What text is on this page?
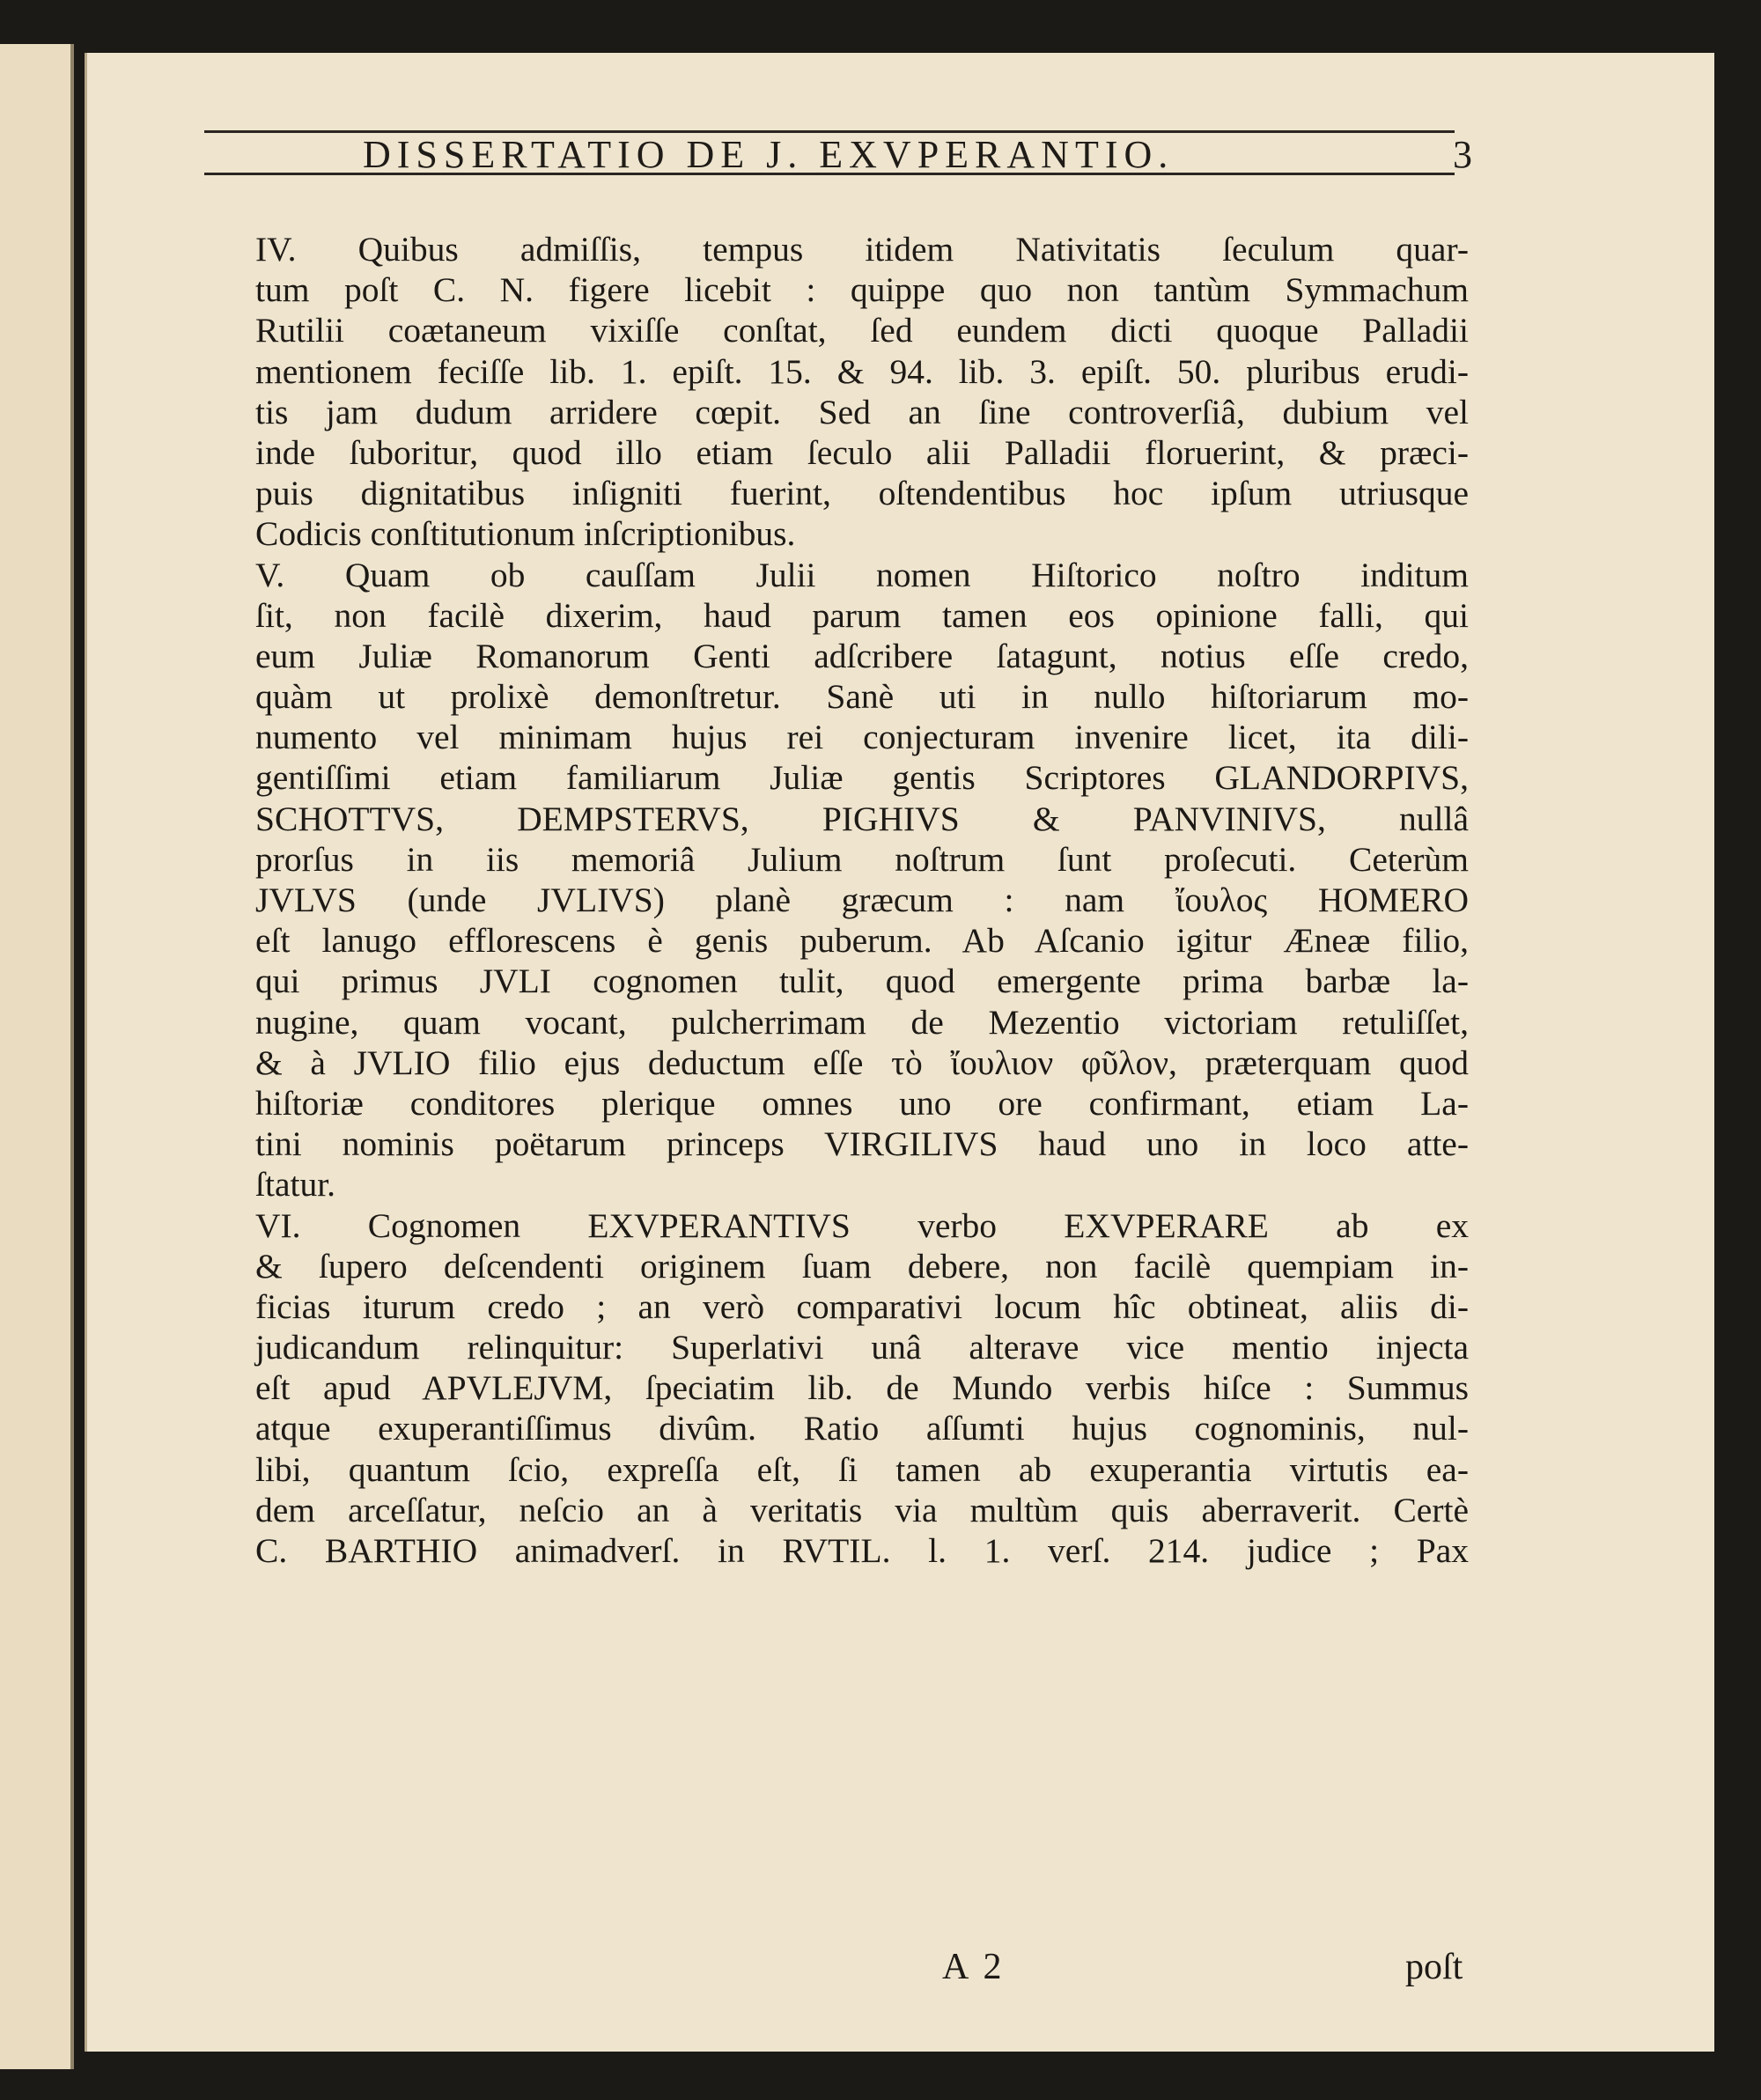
DISSERTATIO DE J. EXVPERANTIO.	3
IV. Quibus admiſſis, tempus itidem Nativitatis ſeculum quar-
tum poſt C. N. figere licebit : quippe quo non tantùm Symmachum
Rutilii coætaneum vixiſſe conſtat, ſed eundem dicti quoque Palladii
mentionem feciſſe lib. 1. epiſt. 15. & 94. lib. 3. epiſt. 50. pluribus erudi-
tis jam dudum arridere cœpit. Sed an ſine controverſiâ, dubium vel
inde ſuboritur, quod illo etiam ſeculo alii Palladii floruerint, & præci-
puis dignitatibus inſigniti fuerint, oſtendentibus hoc ipſum utriusque
Codicis conſtitutionum inſcriptionibus.
V. Quam ob cauſſam Julii nomen Hiſtorico noſtro inditum
ſit, non facilè dixerim, haud parum tamen eos opinione falli, qui
eum Juliæ Romanorum Genti adſcribere ſatagunt, notius eſſe credo,
quàm ut prolixè demonſtretur. Sanè uti in nullo hiſtoriarum mo-
numento vel minimam hujus rei conjecturam invenire licet, ita dili-
gentiſſimi etiam familiarum Juliæ gentis Scriptores GLANDORPIVS,
SCHOTTVS, DEMPSTERVS, PIGHIVS & PANVINIVS, nullâ
prorſus in iis memoriâ Julium noſtrum ſunt proſecuti. Ceterùm
JVLVS (unde JVLIVS) planè græcum : nam ἴουλος HOMERO
eſt lanugo efflorescens è genis puberum. Ab Aſcanio igitur Æneæ filio,
qui primus JVLI cognomen tulit, quod emergente prima barbæ la-
nugine, quam vocant, pulcherrimam de Mezentio victoriam retuliſſet,
& à JVLIO filio ejus deductum eſſe τὸ ἴουλιον φῦλον, præterquam quod
hiſtoriæ conditores plerique omnes uno ore confirmant, etiam La-
tini nominis poëtarum princeps VIRGILIVS haud uno in loco atte-
ſtatur.
VI. Cognomen EXVPERANTIVS verbo EXVPERARE ab ex
& ſupero deſcendenti originem ſuam debere, non facilè quempiam in-
ficias iturum credo ; an verò comparativi locum hîc obtineat, aliis di-
judicandum relinquitur: Superlativi unâ alterave vice mentio injecta
eſt apud APVLEJVM, ſpeciatim lib. de Mundo verbis hiſce : Summus
atque exuperantiſſimus divûm. Ratio aſſumti hujus cognominis, nul-
libi, quantum ſcio, expreſſa eſt, ſi tamen ab exuperantia virtutis ea-
dem arceſſatur, neſcio an à veritatis via multùm quis aberraverit. Certè
C. BARTHIO animadverſ. in RVTIL. l. 1. verſ. 214. judice ; Pax
A 2	poſt
